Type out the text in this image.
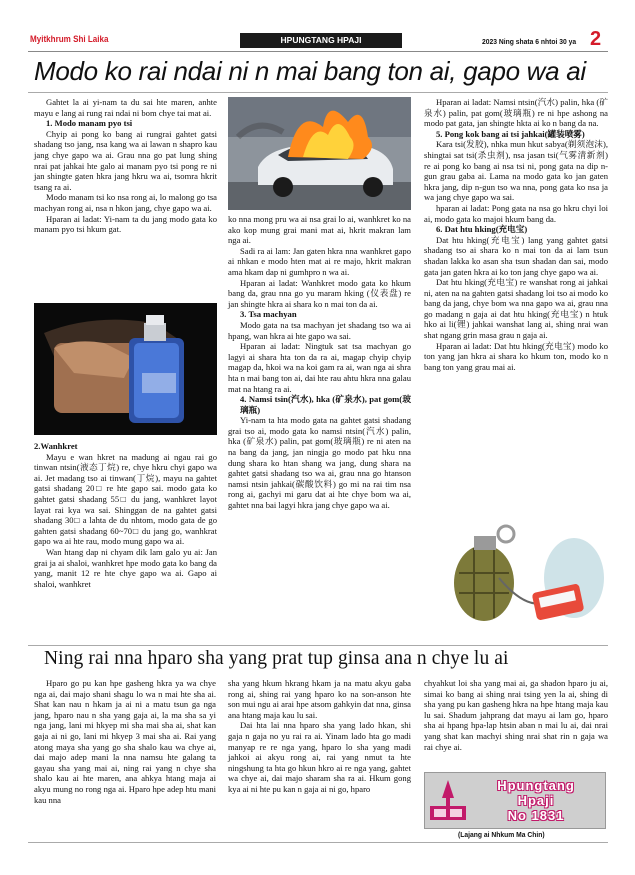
Myitkhrum Shi Laika	HPUNGTANG HPAJI	2023 Ning shata 6 nhtoi 30 ya 2
Modo ko rai ndai ni n mai bang ton ai, gapo wa ai

Gahtet la ai yi-nam ta du sai hte maren, anhte mayu e lang ai rung rai ndai ni bom chye tai mat ai.

1. Modo manam pyo tsi

Chyip ai pong ko bang ai rungrai gahtet gatsi shadang tso jang, nsa kang wa ai lawan n shapro kau jang chye gapo wa ai. Grau nna go pat lung shing nrai pat jahkai hte galo ai manam pyo tsi pong re ni jan shingte gaten hkra jang hkru wa ai, tsomra hkrit tsang ra ai.

Modo manam tsi ko nsa rong ai, lo malong go tsa machyan rong ai, nsa n hkon jang, chye gapo wa ai.

Hparan ai ladat: Yi-nam ta du jang modo gata ko manam pyo tsi hkum gat.

2.Wanhkret

Mayu e wan hkret na madung ai ngau rai go tinwan ntsin(液态丁烷) re, chye hkru chyi gapo wa ai. Jet madang tso ai tinwan(丁烷), mayu na gahtet gatsi shadang 20□ re hte gapo sai. modo gata ko gahtet gatsi shadang 55□ du jang, wanhkret layot layat rai kya wa sai. Shinggan de na gahtet gatsi shadang 30□ a lahta de du nhtom, modo gata de go gahten gatsi shadang 60~70□ du jang go, wanhkrat gapo wa ai hte rau, modo mung gapo wa ai.

Wan htang dap ni chyam dik lam galo yu ai: Jan grai ja ai shaloi, wanhkret hpe modo gata ko bang da yang, manit 12 re hte chye gapo wa ai. Gapo ai shaloi, wanhkret

ko nna mong pru wa ai nsa grai lo ai, wanhkret ko na ako kop mung grai mani mat ai, hkrit makran lam nga ai.

Sadi ra ai lam: Jan gaten hkra nna wanhkret gapo ai nhkan e modo hten mat ai re majo, hkrit makran ama hkam dap ni gumhpro n wa ai.

Hparan ai ladat: Wanhkret modo gata ko hkum bang da, grau nna go yu maram hking (仪表盘) re jan shingte hkra ai shara ko n mai ton da ai.

3. Tsa machyan

Modo gata na tsa machyan jet shadang tso wa ai hpang, wan hkra ai hte gapo wa sai.

Hparan ai ladat: Ningtuk sat tsa machyan go lagyi ai shara hta ton da ra ai, magap chyip chyip magap da, hkoi wa na koi gam ra ai, wan nga ai shra hta n mai bang ton ai, dai hte rau ahtu hkra nna galau mat na htang ra ai.

4. Namsi tsin(汽水), hka (矿泉水), pat gom(玻璃瓶)

Yi-nam ta hta modo gata na gahtet gatsi shadang grai tso ai, modo gata ko namsi ntsin(汽水) palin, hka (矿泉水) palin, pat gom(玻璃瓶) re ni aten na na bang da jang, jan ningja go modo pat hku nna dung shara ko htan shang wa jang, dung shara na gahtet gatsi shadang tso wa ai, grau nna go htanson namsi ntsin jahkai(碳酸饮料) go mi na rai tim nsa rong ai, gachyi mi garu dat ai hte chye bom wa ai, gahtet nna bai lagyi hkra jang chye gapo wa ai.

Hparan ai ladat: Namsi ntsin(汽水) palin, hka (矿泉水) palin, pat gom(玻璃瓶) re ni hpe ashong na modo pat gata, jan shingte hkta ai ko n bang da na.

5. Pong kok bang ai tsi jahkai(罐装喷雾)

Kara tsi(发胶), nhka mun hkut sabya(剃须泡沫), shingtai sat tsi(杀虫剂), nsa jasan tsi(气雾清新剂) re ai pong ko bang ai nsa tsi ni, pong gata na dip n-gun grau gaba ai. Lama na modo gata ko jan gaten hkra jang, dip n-gun tso wa nna, pong gata ko nsa ja wa jang chye gapo wa sai.

hparan ai ladat: Pong gata na nsa go hkru chyi loi ai, modo gata ko majoi hkum bang da.

6. Dat htu hking(充电宝)

Dat htu hking(充电宝) lang yang gahtet gatsi shadang tso ai shara ko n mai ton da ai lam tsun shadan lakka ko asan sha tsun shadan dan sai, modo gata jan gaten hkra ai ko ton jang chye gapo wa ai.

Dat htu hking(充电宝) re wanshat rong ai jahkai ni, aten na na gahten gatsi shadang loi tso ai modo ko bang da jang, chye bom wa nna gapo wa ai, grau nna go madang n gaja ai dat htu hking(充电宝) n htuk hko ai li(锂) jahkai wanshat lang ai, shing nrai wan shat ngang grin masa grau n gaja ai.

Hparan ai ladat: Dat htu hking(充电宝) modo ko ton yang jan hkra ai shara ko hkum ton, modo ko n bang ton yang grau mai ai.

Ning rai nna hparo sha yang prat tup ginsa ana n chye lu ai

Hparo go pu kan hpe gasheng hkra ya wa chye nga ai, dai majo shani shagu lo wa n mai hte sha ai. Shat kan nau n hkam ja ai ni a matu tsun ga nga jang, hparo nau n sha yang gaja ai, la ma sha sa yi nga jang, lani mi hkyep mi sha mai sha ai, shat kan gaja ai ni go, lani mi hkyep 3 mai sha ai. Rai yang atong maya sha yang go sha shalo kau wa chye ai, dai majo adep mani la nna namsu hte galang ta gayau sha yang mai ai, ning rai yang n chye sha shalo kau ai hte maren, ana ahkya htang maja ai akyu mung no rong nga ai. Hparo hpe adep htu mani kau nna

sha yang hkum hkrang hkam ja na matu akyu gaba rong ai, shing rai yang hparo ko na son-anson hte son mui ngu ai arai hpe atsom gahkyin dat nna, ginsa ana htang maja kau lu sai.

Dai hta lai nna hparo sha yang lado hkan, shi gaja n gaja no yu rai ra ai. Yinam lado hta go madi manyap re re nga yang, hparo lo sha yang madi jahkoi ai akyu rong ai, rai yang nmut ta hte ningshung ta hta go hkun hkro ai re nga yang, gahtet wa chye ai, dai majo sharam sha ra ai. Hkum gong kya ai ni hte pu kan n gaja ai ni go, hparo

chyahkut loi sha yang mai ai, ga shadon hparo ju ai, simai ko bang ai shing nrai tsing yen la ai, shing di sha yang pu kan gasheng hkra na hpe htang maja kau lu sai. Shadum jahprang dat mayu ai lam go, hparo sha ai hpang hpa-lap htsin aban n mai lu ai, dai nrai yang shat kan machyi shing nrai shat rin n gaja wa rai chye ai.

Hpungtang
Hpaji
No 1831
(Lajang ai Nhkum Ma Chin)
